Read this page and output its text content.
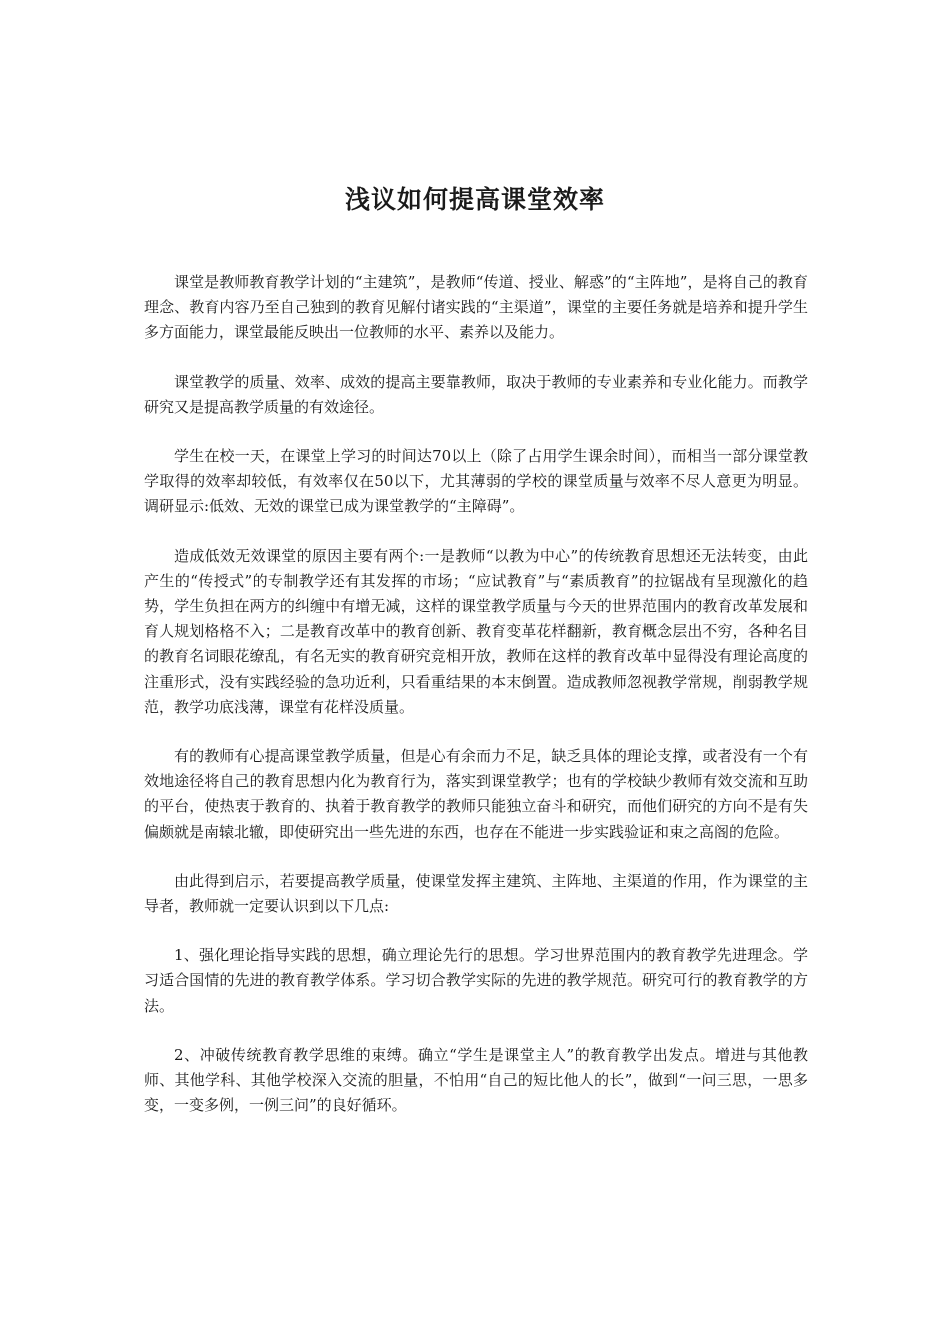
浅议如何提高课堂效率

课堂是教师教育教学计划的“主建筑”，是教师“传道、授业、解惑”的“主阵地”，是将自己的教育理念、教育内容乃至自己独到的教育见解付诸实践的“主渠道”，课堂的主要任务就是培养和提升学生多方面能力，课堂最能反映出一位教师的水平、素养以及能力。

课堂教学的质量、效率、成效的提高主要靠教师，取决于教师的专业素养和专业化能力。而教学研究又是提高教学质量的有效途径。

学生在校一天，在课堂上学习的时间达70以上（除了占用学生课余时间），而相当一部分课堂教学取得的效率却较低，有效率仅在50以下，尤其薄弱的学校的课堂质量与效率不尽人意更为明显。调研显示:低效、无效的课堂已成为课堂教学的“主障碍”。

造成低效无效课堂的原因主要有两个:一是教师“以教为中心”的传统教育思想还无法转变，由此产生的“传授式”的专制教学还有其发挥的市场；“应试教育”与“素质教育”的拉锯战有呈现激化的趋势，学生负担在两方的纠缠中有增无减，这样的课堂教学质量与今天的世界范围内的教育改革发展和育人规划格格不入；二是教育改革中的教育创新、教育变革花样翻新，教育概念层出不穷，各种名目的教育名词眼花缭乱，有名无实的教育研究竞相开放，教师在这样的教育改革中显得没有理论高度的注重形式，没有实践经验的急功近利，只看重结果的本末倒置。造成教师忽视教学常规，削弱教学规范，教学功底浅薄，课堂有花样没质量。

有的教师有心提高课堂教学质量，但是心有余而力不足，缺乏具体的理论支撑，或者没有一个有效地途径将自己的教育思想内化为教育行为，落实到课堂教学；也有的学校缺少教师有效交流和互助的平台，使热衷于教育的、执着于教育教学的教师只能独立奋斗和研究，而他们研究的方向不是有失偏颇就是南辕北辙，即使研究出一些先进的东西，也存在不能进一步实践验证和束之高阁的危险。

由此得到启示，若要提高教学质量，使课堂发挥主建筑、主阵地、主渠道的作用，作为课堂的主导者，教师就一定要认识到以下几点:

1、强化理论指导实践的思想，确立理论先行的思想。学习世界范围内的教育教学先进理念。学习适合国情的先进的教育教学体系。学习切合教学实际的先进的教学规范。研究可行的教育教学的方法。

2、冲破传统教育教学思维的束缚。确立“学生是课堂主人”的教育教学出发点。增进与其他教师、其他学科、其他学校深入交流的胆量，不怕用“自己的短比他人的长”，做到“一问三思，一思多变，一变多例，一例三问”的良好循环。
